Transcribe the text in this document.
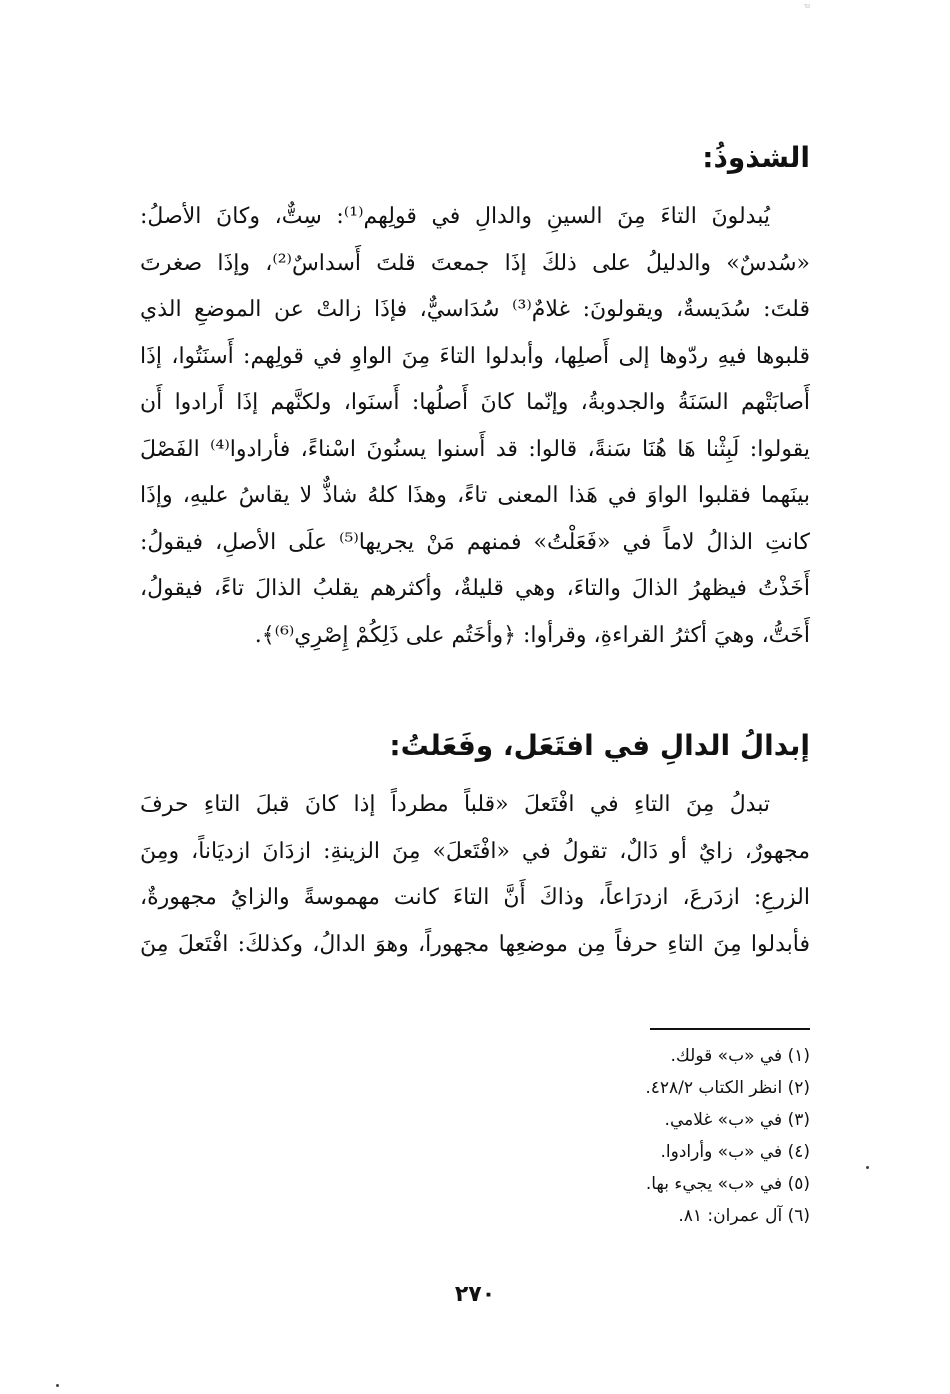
ˢ̃ˀ
الشذوذُ:
يُبدلونَ التاءَ مِنَ السينِ والدالِ في قولِهم⁽¹⁾: سِتٌّ، وكانَ الأصلُ:
«سُدسٌ» والدليلُ على ذلكَ إذَا جمعتَ قلتَ أَسداسٌ⁽²⁾، وإذَا صغرتَ
قلتَ: سُدَيسةٌ، ويقولونَ: غلامٌ⁽³⁾ سُدَاسيٌّ، فإذَا زالتْ عن الموضعِ الذي
قلبوها فيهِ ردّوها إلى أَصلِها، وأبدلوا التاءَ مِنَ الواوِ في قولِهم: أَسنَتُوا، إذَا
أَصابَتْهم السَنَةُ والجدوبةُ، وإنّما كانَ أَصلُها: أَسنَوا، ولكنَّهم إذَا أَرادوا أَن
يقولوا: لَبِثْنا هَا هُنَا سَنةً، قالوا: قد أَسنوا يسنُونَ اسْناءً، فأرادوا⁽⁴⁾ الفَصْلَ
بينَهما فقلبوا الواوَ في هَذا المعنى تاءً، وهذَا كلهُ شاذٌّ لا يقاسُ عليهِ، وإذَا
كانتِ الذالُ لاماً في «فَعَلْتُ» فمنهم مَنْ يجريها⁽⁵⁾ علَى الأصلِ، فيقولُ:
أَخَذْتُ فيظهرُ الذالَ والتاءَ، وهي قليلةٌ، وأكثرهم يقلبُ الذالَ تاءً، فيقولُ،
أَخَتُّ، وهيَ أكثرُ القراءةِ، وقرأوا: ﴿وأخَتُم على ذَلِكُمْ إِصْرِي⁽⁶⁾﴾.
إبدالُ الدالِ في افتَعَل، وفَعَلتُ:
تبدلُ مِنَ التاءِ في افْتَعلَ «قلباً مطرداً إذا كانَ قبلَ التاءِ حرفَ
مجهورٌ، زايٌ أو دَالٌ، تقولُ في «افْتَعلَ» مِنَ الزينةِ: ازدَانَ ازديَاناً، ومِنَ
الزرعِ: ازدَرعَ، ازدرَاعاً، وذاكَ أَنَّ التاءَ كانت مهموسةً والزايُ مجهورةٌ،
فأبدلوا مِنَ التاءِ حرفاً مِن موضعِها مجهوراً، وهوَ الدالُ، وكذلكَ: افْتَعلَ مِنَ
(١) في «ب» قولك.
(٢) انظر الكتاب ٤٢٨/٢.
(٣) في «ب» غلامي.
(٤) في «ب» وأرادوا.
(٥) في «ب» يجيء بها.
(٦) آل عمران: ٨١.
٢٧٠
